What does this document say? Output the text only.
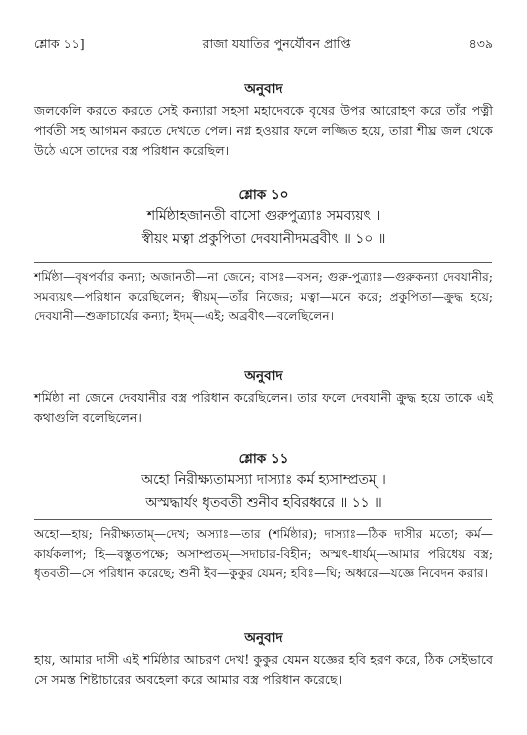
শ্লোক ১১]	রাজা যযাতির পুনর্যৌবন প্রাপ্তি	৪৩৯
অনুবাদ
জলকেলি করতে করতে সেই কন্যারা সহসা মহাদেবকে বৃষের উপর আরোহণ করে তাঁর পত্নী পার্বতী সহ আগমন করতে দেখতে পেল। নগ্ন হওয়ার ফলে লজ্জিত হয়ে, তারা শীঘ্র জল থেকে উঠে এসে তাদের বস্ত্র পরিধান করেছিল।
শ্লোক ১০
শর্মিষ্ঠাহজানতী বাসো গুরুপুত্র্যাঃ সমব্যয়ৎ ।
স্বীয়ং মত্বা প্রকুপিতা দেবযানীদমব্রবীৎ ॥ ১০ ॥
শর্মিষ্ঠা—বৃষপর্বার কন্যা; অজানতী—না জেনে; বাসঃ—বসন; গুরু-পুত্র্যাঃ—গুরুকন্যা দেবযানীর; সমব্যয়ৎ—পরিধান করেছিলেন; স্বীয়ম্—তাঁর নিজের; মত্বা—মনে করে; প্রকুপিতা—ক্রুদ্ধ হয়ে; দেবযানী—শুক্রাচার্যের কন্যা; ইদম্—এই; অব্রবীৎ—বলেছিলেন।
অনুবাদ
শর্মিষ্ঠা না জেনে দেবযানীর বস্ত্র পরিধান করেছিলেন। তার ফলে দেবযানী ক্রুদ্ধ হয়ে তাকে এই কথাগুলি বলেছিলেন।
শ্লোক ১১
অহো নিরীক্ষ্যতামস্যা দাস্যাঃ কর্ম হ্যসাম্প্রতম্ ।
অস্মদ্ধার্যং ধৃতবতী শুনীব হবিরধ্বরে ॥ ১১ ॥
অহো—হায়; নিরীক্ষ্যতাম্—দেখ; অস্যাঃ—তার (শর্মিষ্ঠার); দাস্যাঃ—ঠিক দাসীর মতো; কর্ম—কার্যকলাপ; হি—বস্তুতপক্ষে; অসাম্প্রতম্—সদাচার-বিহীন; অস্মৎ-ধার্যম্—আমার পরিধেয় বস্ত্র; ধৃতবতী—সে পরিধান করেছে; শুনী ইব—কুকুর যেমন; হবিঃ—ঘি; অধ্বরে—যজ্ঞে নিবেদন করার।
অনুবাদ
হায়, আমার দাসী এই শর্মিষ্ঠার আচরণ দেখ! কুকুর যেমন যজ্ঞের হবি হরণ করে, ঠিক সেইভাবে সে সমস্ত শিষ্টাচারের অবহেলা করে আমার বস্ত্র পরিধান করেছে।
